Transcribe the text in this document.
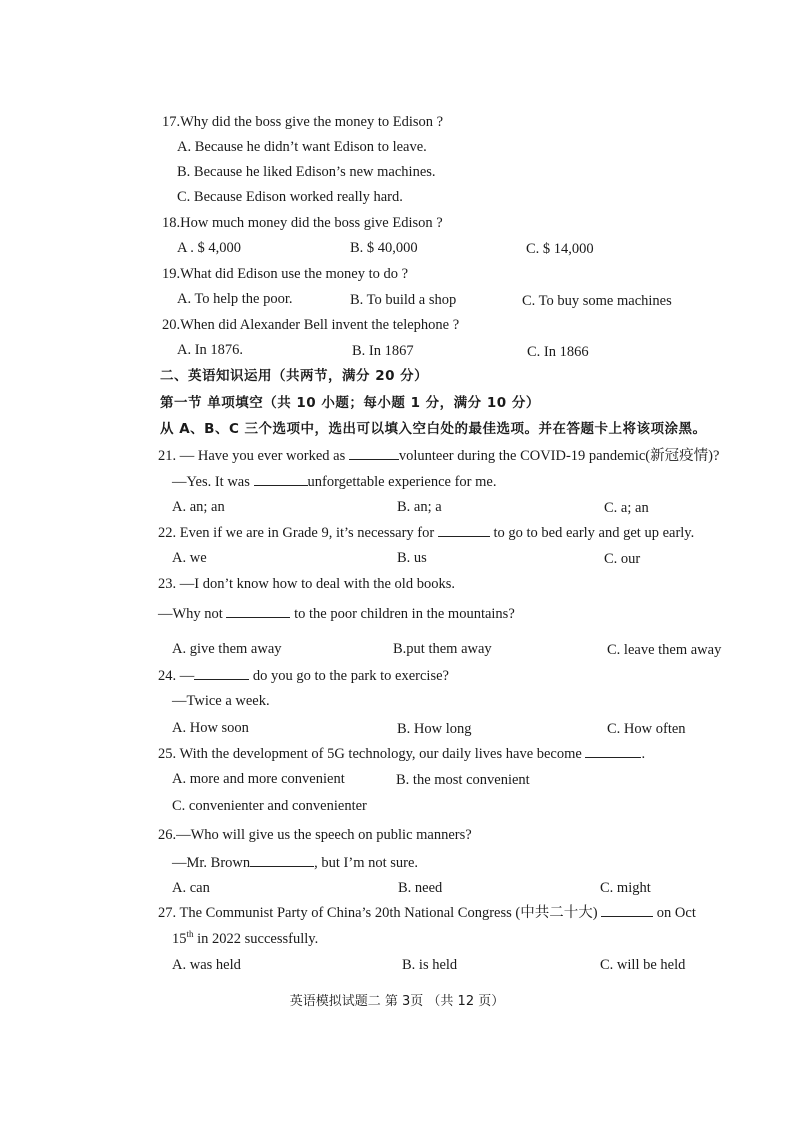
17.Why did the boss give the money to Edison ?
A. Because he didn’t want Edison to leave.
B. Because he liked Edison’s new machines.
C. Because Edison worked really hard.
18.How much money did the boss give Edison ?
A . $ 4,000	B. $ 40,000	C. $ 14,000
19.What did Edison use the money to do ?
A. To help the poor.	B. To build a shop	C. To buy some machines
20.When did Alexander Bell invent the telephone ?
A. In 1876.	B. In 1867	C. In 1866
二、英语知识运用（共两节，满分 20 分）
第一节 单项填空（共 10 小题；每小题 1 分，满分 10 分）
从 A、B、C 三个选项中，选出可以填入空白处的最佳选项。并在答题卡上将该项涂黑。
21. — Have you ever worked as	volunteer during the COVID-19 pandemic(新冠疫情)?
—Yes. It was	unforgettable experience for me.
A. an; an	B. an; a	C. a; an
22. Even if we are in Grade 9, it’s necessary for	to go to bed early and get up early.
A. we	B. us	C. our
23. —I don’t know how to deal with the old books.
—Why not	to the poor children in the mountains?
A. give them away	B.put them away	C. leave them away
24. —	do you go to the park to exercise?
—Twice a week.
A. How soon	B. How long	C. How often
25. With the development of 5G technology, our daily lives have become	.
A. more and more convenient	B. the most convenient
C. convenienter and convenienter
26.—Who will give us the speech on public manners?
—Mr. Brown	, but I’m not sure.
A. can	B. need	C. might
27. The Communist Party of China’s 20th National Congress (中共二十大)	on Oct
15th in 2022 successfully.
A. was held	B. is held	C. will be held
英语模拟试题二 第 3页 （共 12 页）
